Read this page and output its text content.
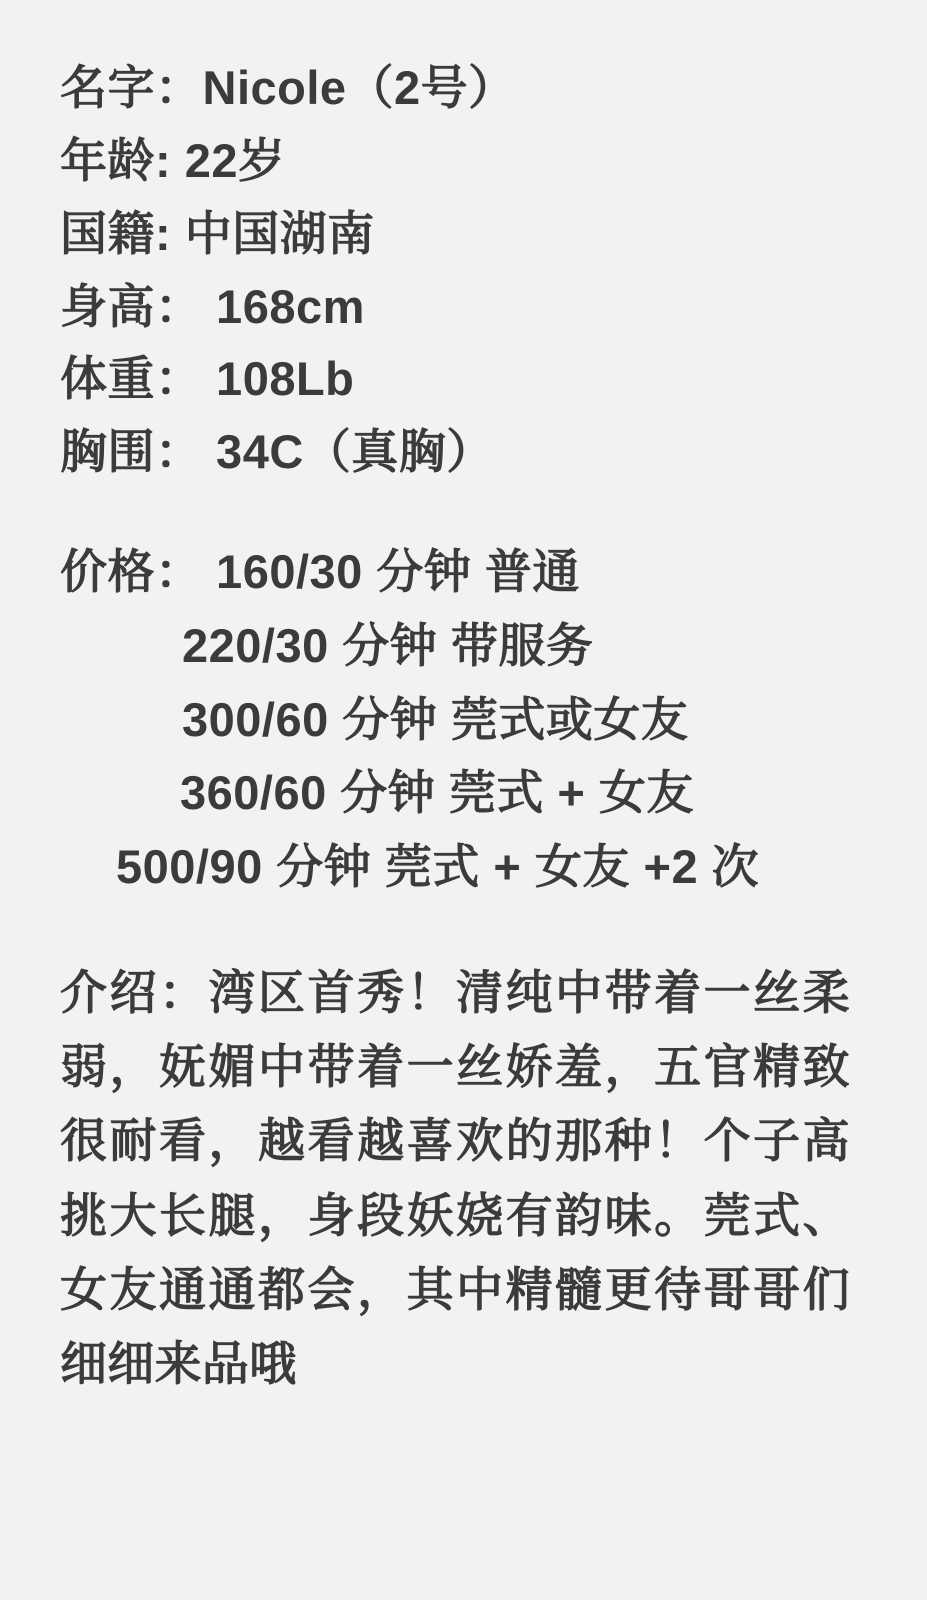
名字：Nicole（2号）
年龄: 22岁
国籍: 中国湖南
身高： 168cm
体重： 108Lb
胸围： 34C（真胸）
价格： 160/30 分钟 普通
220/30 分钟 带服务
300/60 分钟 莞式或女友
360/60 分钟 莞式 + 女友
500/90 分钟 莞式 + 女友 +2 次
介绍：湾区首秀！清纯中带着一丝柔弱，妩媚中带着一丝娇羞，五官精致很耐看，越看越喜欢的那种！个子高挑大长腿，身段妖娆有韵味。莞式、女友通通都会，其中精髓更待哥哥们细细来品哦
